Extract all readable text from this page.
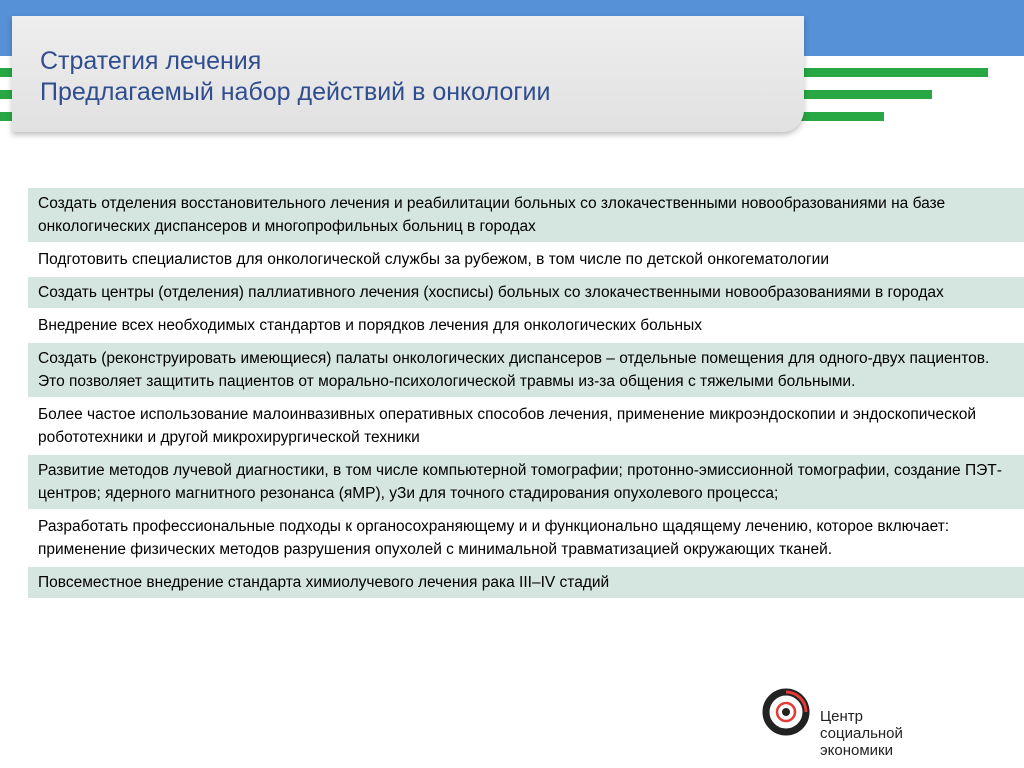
Стратегия лечения
Предлагаемый набор действий в онкологии
Создать отделения восстановительного лечения и реабилитации больных со злокачественными новообразованиями на базе онкологических диспансеров и многопрофильных больниц в городах
Подготовить специалистов для онкологической службы за рубежом, в том числе по детской онкогематологии
Создать центры (отделения) паллиативного лечения (хосписы) больных со злокачественными новообразованиями в городах
Внедрение всех необходимых стандартов и порядков лечения для онкологических больных
Создать (реконструировать имеющиеся) палаты онкологических диспансеров – отдельные помещения для одного-двух пациентов. Это позволяет защитить пациентов от морально-психологической травмы из-за общения с тяжелыми больными.
Более частое использование малоинвазивных оперативных способов лечения, применение микроэндоскопии и эндоскопической робототехники и другой микрохирургической техники
Развитие методов лучевой диагностики, в том числе компьютерной томографии; протонно-эмиссионной томографии, создание ПЭТ-центров; ядерного магнитного резонанса (яМР), уЗи для точного стадирования опухолевого процесса;
Разработать профессиональные подходы к органосохраняющему и и функционально щадящему лечению, которое включает: применение физических методов разрушения опухолей с минимальной травматизацией окружающих тканей.
Повсеместное внедрение стандарта химиолучевого лечения рака III–IV стадий
Центр
социальной
экономики
